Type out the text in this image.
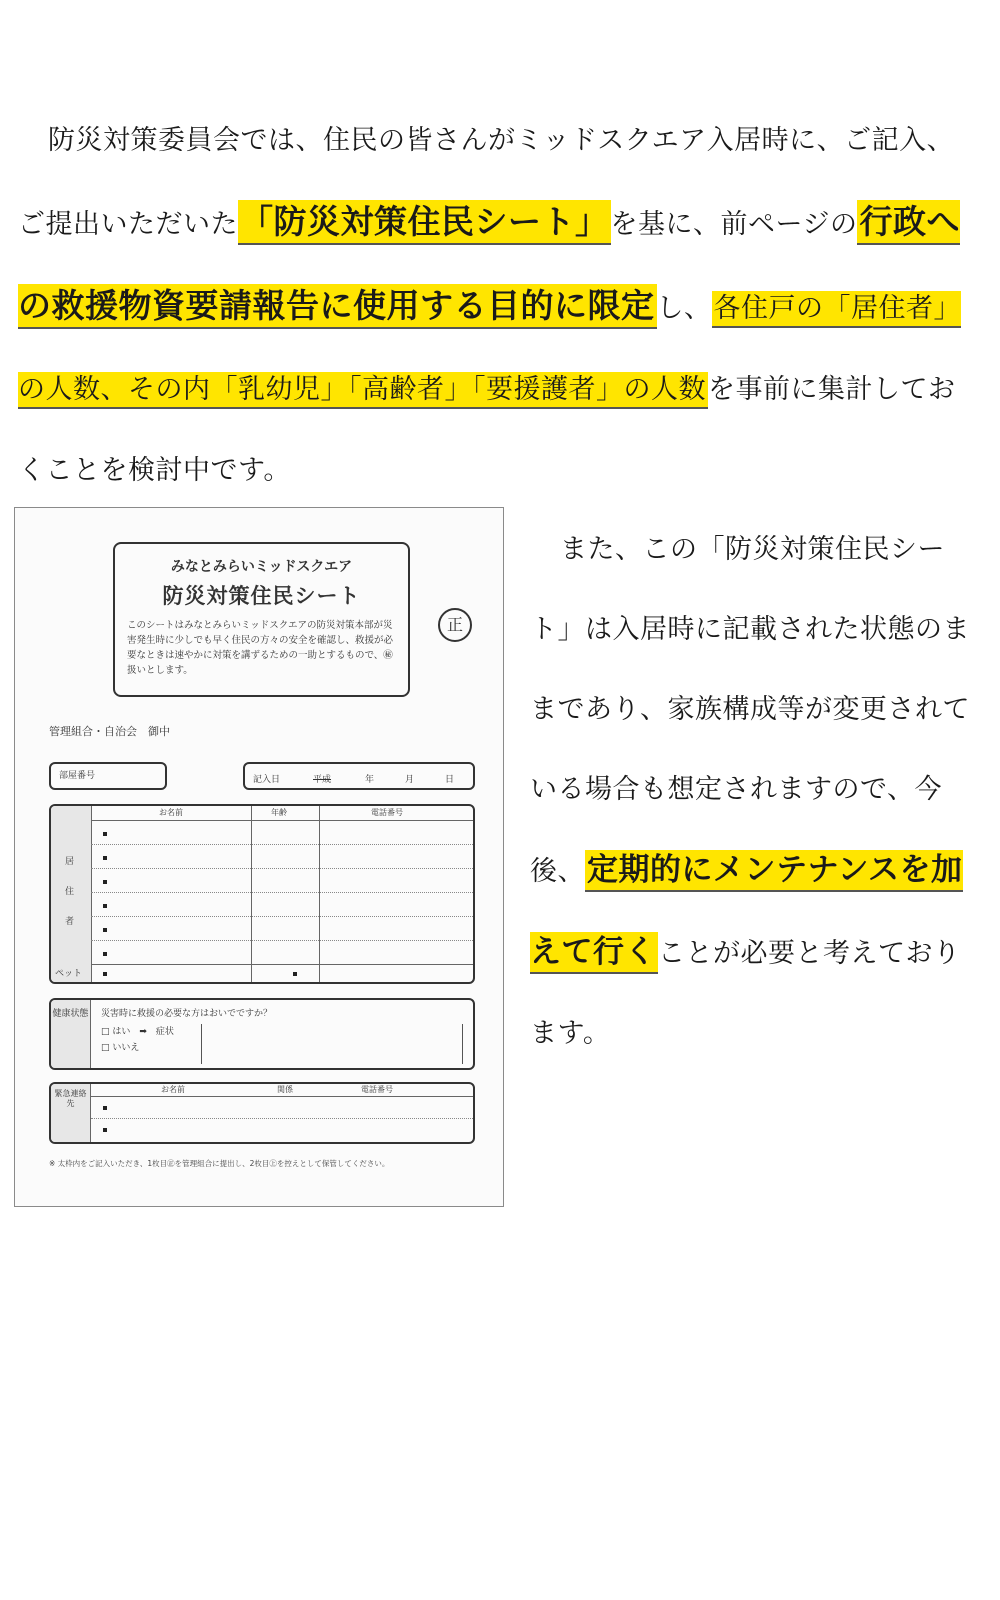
防災対策委員会では、住民の皆さんがミッドスクエア入居時に、ご記入、ご提出いただいた「防災対策住民シート」を基に、前ページの行政への救援物資要請報告に使用する目的に限定し、各住戸の「居住者」の人数、その内「乳幼児」「高齢者」「要援護者」の人数を事前に集計しておくことを検討中です。

みなとみらいミッドスクエア
防災対策住民シート
このシートはみなとみらいミッドスクエアの防災対策本部が災害発生時に少しでも早く住民の方々の安全を確認し、救援が必要なときは速やかに対策を講ずるための一助とするもので、㊙扱いとします。
正
管理組合・自治会　御中
部屋番号	記入日	平成	年	月	日
居
住
者
ペット
お名前	年齢	電話番号
健康状態 災害時に救援の必要な方はおいでですか？
□ はい　➡　症状
□ いいえ
緊急連絡先
お名前	関係	電話番号
※ 太枠内をご記入いただき、1枚目㊣を管理組合に提出し、2枚目㊤を控えとして保管してください。

また、この「防災対策住民シート」は入居時に記載された状態のままであり、家族構成等が変更されている場合も想定されますので、今後、定期的にメンテナンスを加えて行くことが必要と考えております。
